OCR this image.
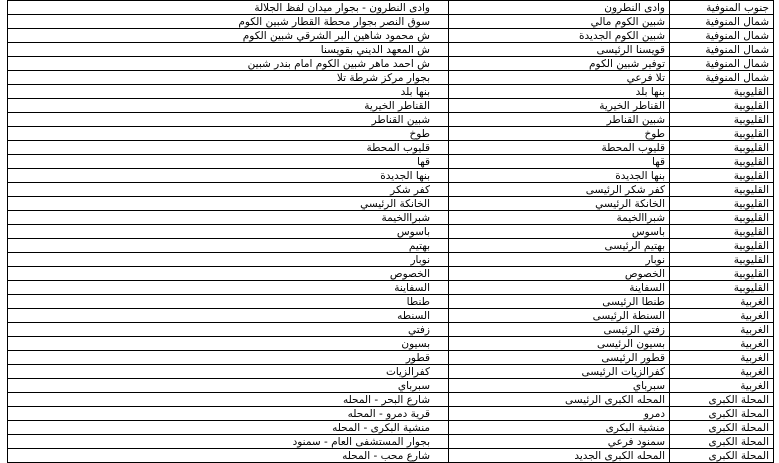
جنوب المنوفية	وادى النطرون	وادى النطرون - بجوار ميدان لفظ الجلالة
شمال المنوفية	شبين الكوم مالي	سوق النصر بجوار محطة القطار شبين الكوم
شمال المنوفية	شبين الكوم الجديدة	ش محمود شاهين البر الشرقي شبين الكوم
شمال المنوفية	قويسنا الرئيسى	ش المعهد الديني بقويسنا
شمال المنوفية	توفير شبين الكوم	ش احمد ماهر شبين الكوم امام بندر شبين
شمال المنوفية	تلا فرعي	بجوار مركز شرطة تلا
القليوبية	بنها بلد	بنها بلد
القليوبية	القناطر الخيرية	القناطر الخيرية
القليوبية	شبين القناطر	شبين القناطر
القليوبية	طوخ	طوخ
القليوبية	قليوب المحطة	قليوب المحطة
القليوبية	قها	قها
القليوبية	بنها الجديدة	بنها الجديدة
القليوبية	كفر شكر الرئيسى	كفر شكر
القليوبية	الخانكة الرئيسي	الخانكة الرئيسي
القليوبية	شبراالخيمة	شبراالخيمة
القليوبية	باسوس	باسوس
القليوبية	بهتيم الرئيسى	بهتيم
القليوبية	نوبار	نوبار
القليوبية	الخصوص	الخصوص
القليوبية	السفاينة	السفاينة
الغربية	طنطا الرئيسى	طنطا
الغربية	السنطة الرئيسى	السنطه
الغربية	زفتي الرئيسى	زفتي
الغربية	بسيون الرئيسى	بسيون
الغربية	قطور الرئيسى	قطور
الغربية	كفرالزيات الرئيسى	كفرالزيات
الغربية	سبرباي	سبرباي
المحلة الكبرى	المحله الكبرى الرئيسى	شارع البحر - المحله
المحلة الكبرى	دمرو	قرية دمرو - المحله
المحلة الكبرى	منشية البكرى	منشية البكرى - المحله
المحلة الكبرى	سمنود فرعي	بجوار المستشفى العام - سمنود
المحلة الكبرى	المحله الكبرى الجديد	شارع محب - المحله
